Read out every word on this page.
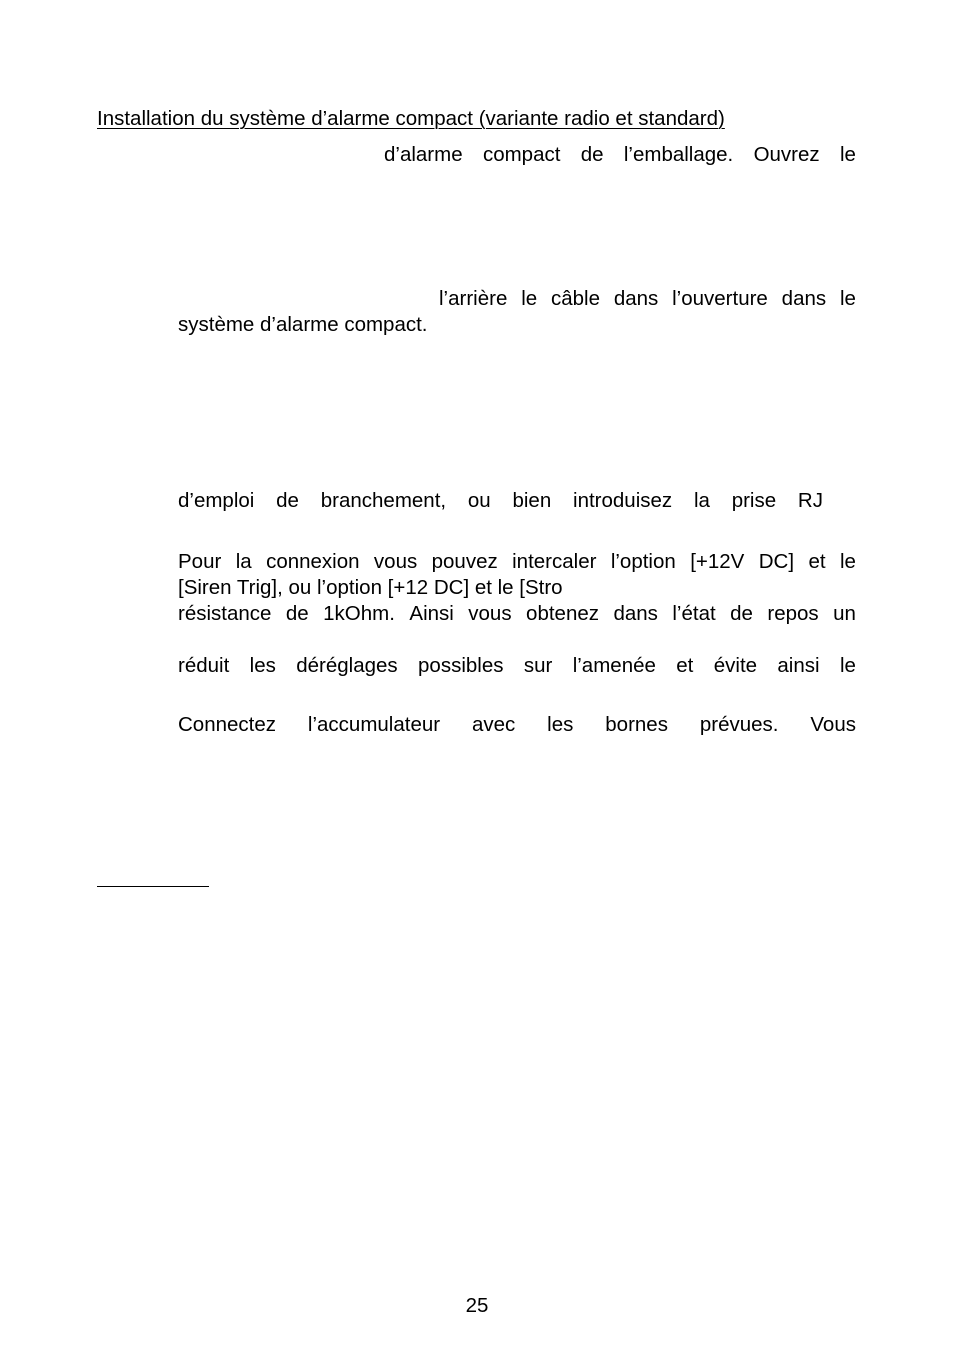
Installation du système d’alarme compact (variante radio et standard)
d’alarme compact de l’emballage. Ouvrez le
l’arrière le câble dans l’ouverture dans le
système d’alarme compact.
d’emploi de branchement, ou bien introduisez la prise RJ
Pour la connexion vous pouvez intercaler l’option [+12V DC] et le
[Siren Trig], ou l’option [+12 DC] et le [Stro
résistance de 1kOhm. Ainsi vous obtenez dans l’état de repos un
réduit les déréglages possibles sur l’amenée et évite ainsi le
Connectez l’accumulateur avec les bornes prévues. Vous
25
